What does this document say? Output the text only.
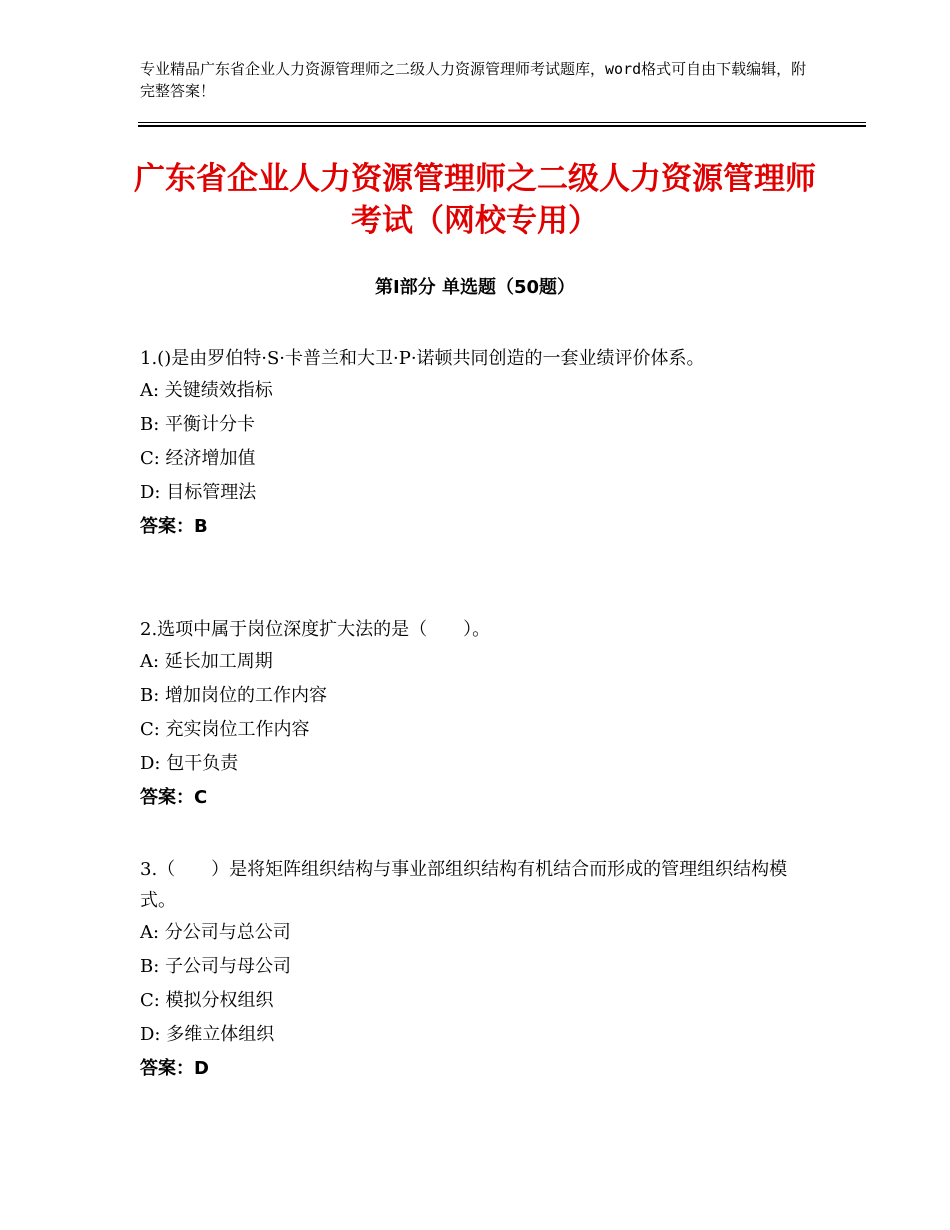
专业精品广东省企业人力资源管理师之二级人力资源管理师考试题库，word格式可自由下载编辑，附完整答案！
广东省企业人力资源管理师之二级人力资源管理师考试（网校专用）
第Ⅰ部分 单选题（50题）

1.()是由罗伯特·S·卡普兰和大卫·P·诺顿共同创造的一套业绩评价体系。

A: 关键绩效指标

B: 平衡计分卡

C: 经济增加值

D: 目标管理法

答案：B

2.选项中属于岗位深度扩大法的是（　　）。

A: 延长加工周期

B: 增加岗位的工作内容

C: 充实岗位工作内容

D: 包干负责

答案：C

3.（　　）是将矩阵组织结构与事业部组织结构有机结合而形成的管理组织结构模式。

A: 分公司与总公司

B: 子公司与母公司

C: 模拟分权组织

D: 多维立体组织

答案：D
